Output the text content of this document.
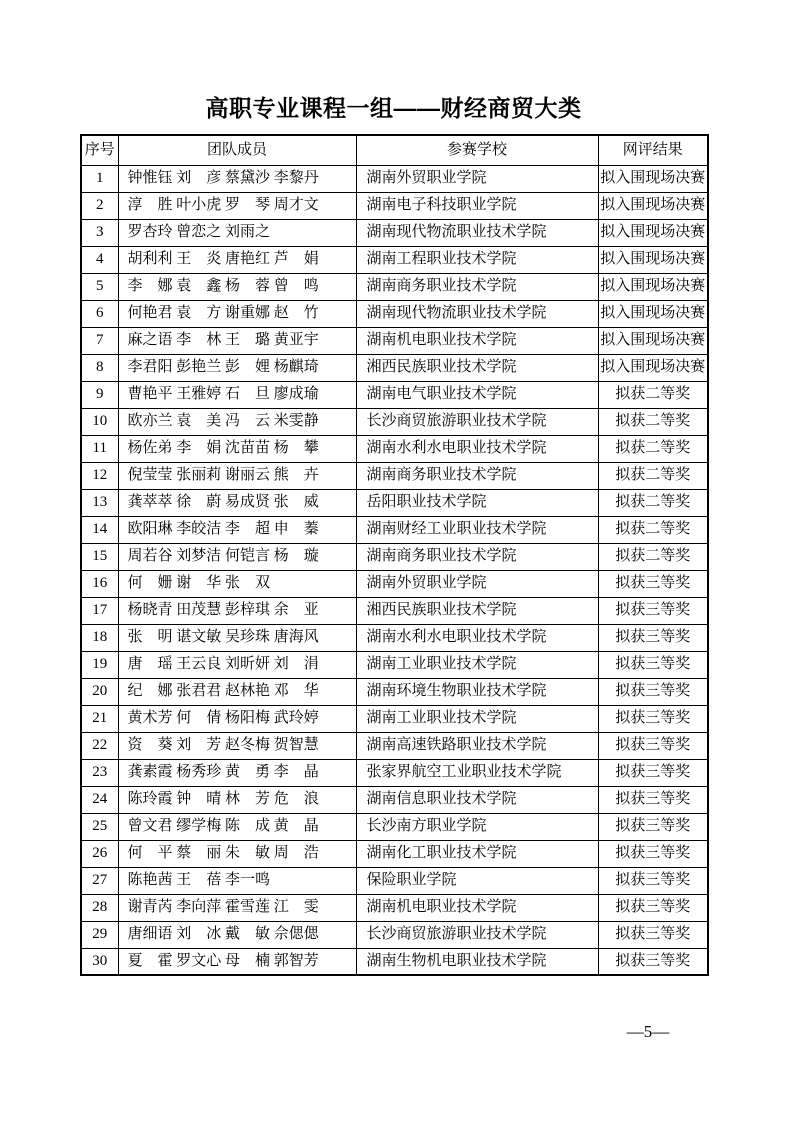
高职专业课程一组——财经商贸大类
序号	团队成员	参赛学校	网评结果
1	钟惟钰 刘　彦 蔡黛沙 李黎丹	湖南外贸职业学院	拟入围现场决赛
2	淳　胜 叶小虎 罗　琴 周才文	湖南电子科技职业学院	拟入围现场决赛
3	罗杏玲 曾恋之 刘雨之	湖南现代物流职业技术学院	拟入围现场决赛
4	胡利利 王　炎 唐艳红 芦　娟	湖南工程职业技术学院	拟入围现场决赛
5	李　娜 袁　鑫 杨　蓉 曾　鸣	湖南商务职业技术学院	拟入围现场决赛
6	何艳君 袁　方 谢重娜 赵　竹	湖南现代物流职业技术学院	拟入围现场决赛
7	麻之语 李　林 王　璐 黄亚宇	湖南机电职业技术学院	拟入围现场决赛
8	李君阳 彭艳兰 彭　娌 杨麒琦	湘西民族职业技术学院	拟入围现场决赛
9	曹艳平 王雅婷 石　旦 廖成瑜	湖南电气职业技术学院	拟获二等奖
10	欧亦兰 袁　美 冯　云 米雯静	长沙商贸旅游职业技术学院	拟获二等奖
11	杨佐弟 李　娟 沈苗苗 杨　攀	湖南水利水电职业技术学院	拟获二等奖
12	倪莹莹 张丽莉 谢丽云 熊　卉	湖南商务职业技术学院	拟获二等奖
13	龚萃萃 徐　蔚 易成贤 张　威	岳阳职业技术学院	拟获二等奖
14	欧阳琳 李皎洁 李　超 申　蓁	湖南财经工业职业技术学院	拟获二等奖
15	周若谷 刘梦洁 何铠言 杨　璇	湖南商务职业技术学院	拟获二等奖
16	何　姗 谢　华 张　双	湖南外贸职业学院	拟获三等奖
17	杨晓青 田茂慧 彭梓琪 余　亚	湘西民族职业技术学院	拟获三等奖
18	张　明 谌文敏 吴珍珠 唐海风	湖南水利水电职业技术学院	拟获三等奖
19	唐　瑶 王云良 刘昕妍 刘　涓	湖南工业职业技术学院	拟获三等奖
20	纪　娜 张君君 赵林艳 邓　华	湖南环境生物职业技术学院	拟获三等奖
21	黄术芳 何　倩 杨阳梅 武玲婷	湖南工业职业技术学院	拟获三等奖
22	资　葵 刘　芳 赵冬梅 贺智慧	湖南高速铁路职业技术学院	拟获三等奖
23	龚素霞 杨秀珍 黄　勇 李　晶	张家界航空工业职业技术学院	拟获三等奖
24	陈玲霞 钟　晴 林　芳 危　浪	湖南信息职业技术学院	拟获三等奖
25	曾文君 缪学梅 陈　成 黄　晶	长沙南方职业学院	拟获三等奖
26	何　平 蔡　丽 朱　敏 周　浩	湖南化工职业技术学院	拟获三等奖
27	陈艳茜 王　蓓 李一鸣	保险职业学院	拟获三等奖
28	谢青芮 李向萍 霍雪莲 江　雯	湖南机电职业技术学院	拟获三等奖
29	唐细语 刘　冰 戴　敏 佘偲偲	长沙商贸旅游职业技术学院	拟获三等奖
30	夏　霍 罗文心 母　楠 郭智芳	湖南生物机电职业技术学院	拟获三等奖
—5—
